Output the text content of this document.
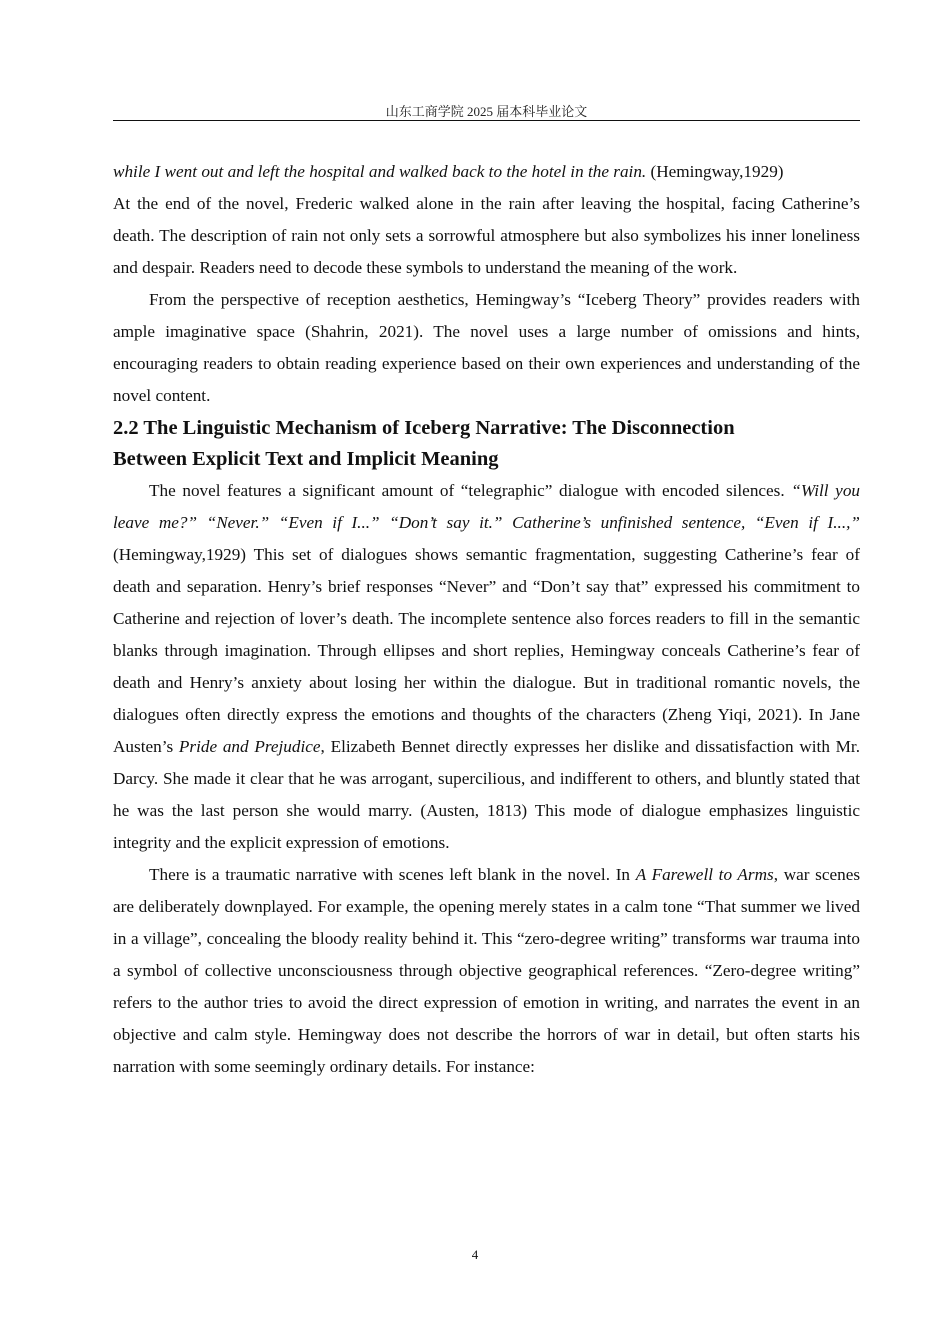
山东工商学院 2025 届本科毕业论文

while I went out and left the hospital and walked back to the hotel in the rain. (Hemingway,1929)

At the end of the novel, Frederic walked alone in the rain after leaving the hospital, facing Catherine’s death. The description of rain not only sets a sorrowful atmosphere but also symbolizes his inner loneliness and despair. Readers need to decode these symbols to understand the meaning of the work.

From the perspective of reception aesthetics, Hemingway’s “Iceberg Theory” provides readers with ample imaginative space (Shahrin, 2021). The novel uses a large number of omissions and hints, encouraging readers to obtain reading experience based on their own experiences and understanding of the novel content.

2.2 The Linguistic Mechanism of Iceberg Narrative: The Disconnection
Between Explicit Text and Implicit Meaning

The novel features a significant amount of “telegraphic” dialogue with encoded silences. “Will you leave me?” “Never.” “Even if I...” “Don’t say it.” Catherine’s unfinished sentence, “Even if I...,” (Hemingway,1929) This set of dialogues shows semantic fragmentation, suggesting Catherine’s fear of death and separation. Henry’s brief responses “Never” and “Don’t say that” expressed his commitment to Catherine and rejection of lover’s death. The incomplete sentence also forces readers to fill in the semantic blanks through imagination. Through ellipses and short replies, Hemingway conceals Catherine’s fear of death and Henry’s anxiety about losing her within the dialogue. But in traditional romantic novels, the dialogues often directly express the emotions and thoughts of the characters (Zheng Yiqi, 2021). In Jane Austen’s Pride and Prejudice, Elizabeth Bennet directly expresses her dislike and dissatisfaction with Mr. Darcy. She made it clear that he was arrogant, supercilious, and indifferent to others, and bluntly stated that he was the last person she would marry. (Austen, 1813) This mode of dialogue emphasizes linguistic integrity and the explicit expression of emotions.

There is a traumatic narrative with scenes left blank in the novel. In A Farewell to Arms, war scenes are deliberately downplayed. For example, the opening merely states in a calm tone “That summer we lived in a village”, concealing the bloody reality behind it. This “zero-degree writing” transforms war trauma into a symbol of collective unconsciousness through objective geographical references. “Zero-degree writing” refers to the author tries to avoid the direct expression of emotion in writing, and narrates the event in an objective and calm style. Hemingway does not describe the horrors of war in detail, but often starts his narration with some seemingly ordinary details. For instance:

4
